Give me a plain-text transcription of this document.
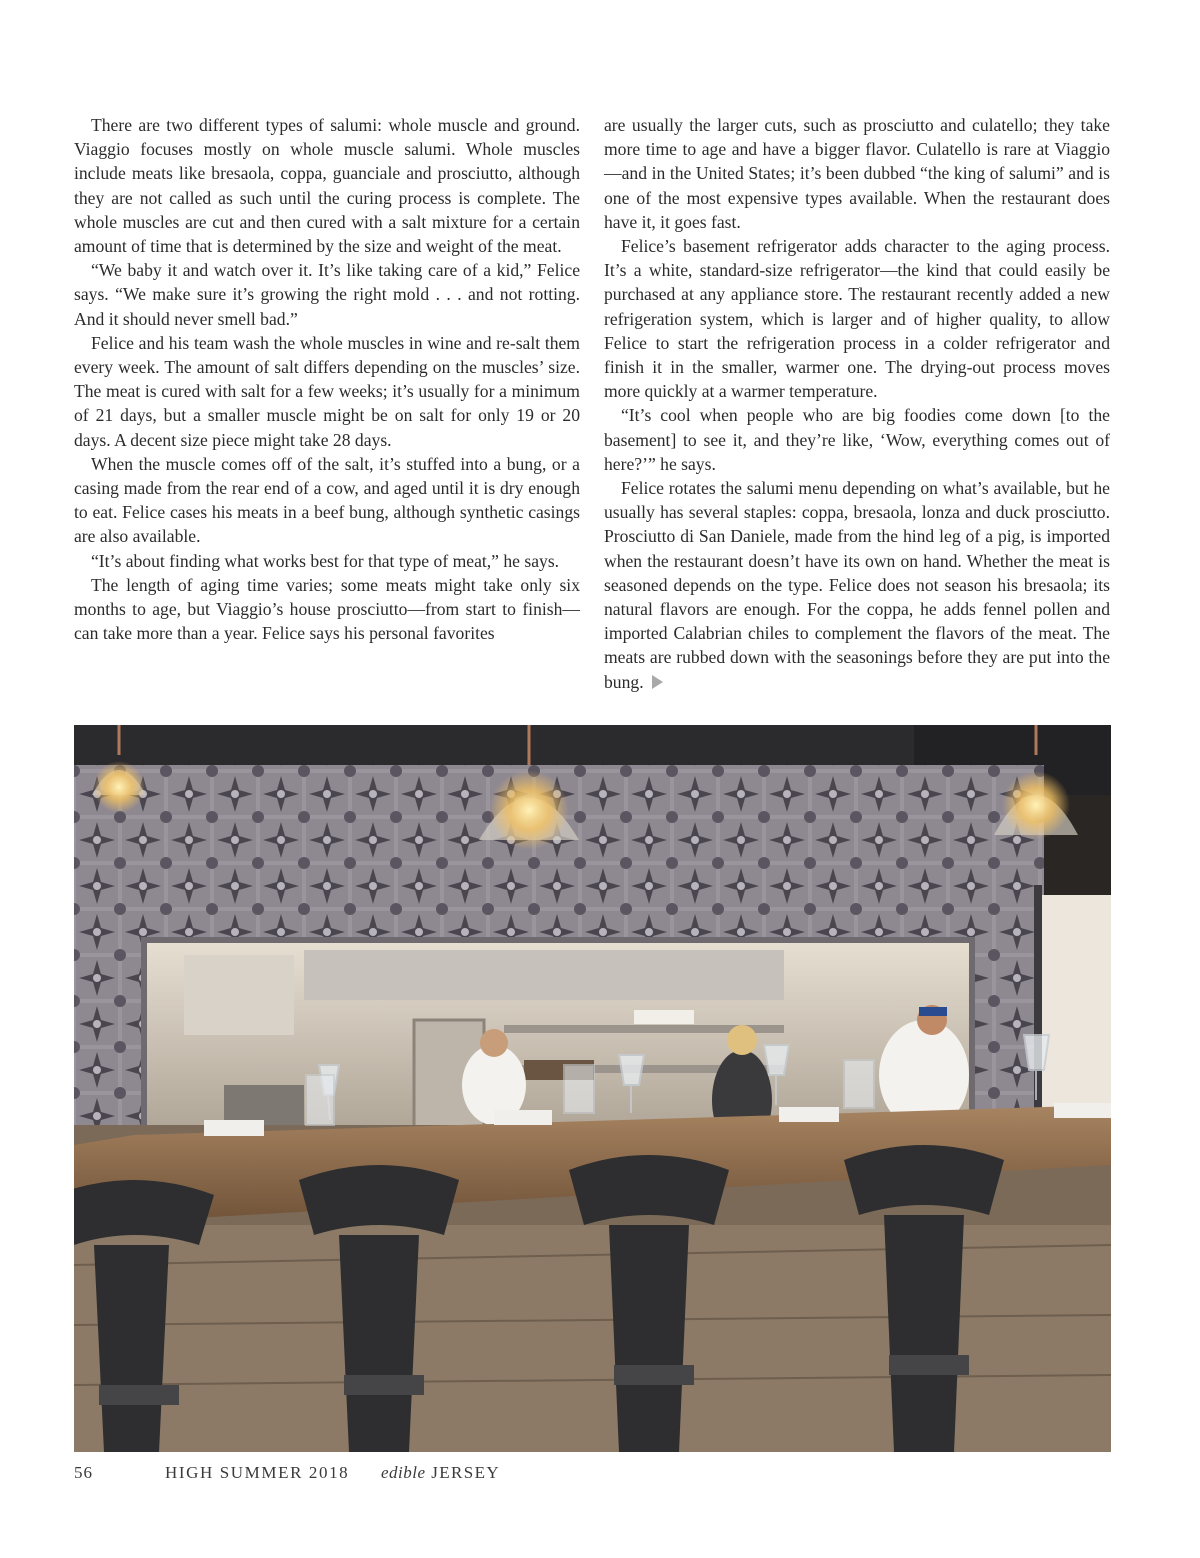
There are two different types of salumi: whole muscle and ground. Viaggio focuses mostly on whole muscle salumi. Whole muscles include meats like bresaola, coppa, guanciale and prosciutto, although they are not called as such until the curing process is complete. The whole muscles are cut and then cured with a salt mixture for a certain amount of time that is determined by the size and weight of the meat.

“We baby it and watch over it. It’s like taking care of a kid,” Felice says. “We make sure it’s growing the right mold . . . and not rotting. And it should never smell bad.”

Felice and his team wash the whole muscles in wine and re-salt them every week. The amount of salt differs depending on the muscles’ size. The meat is cured with salt for a few weeks; it’s usually for a minimum of 21 days, but a smaller muscle might be on salt for only 19 or 20 days. A decent size piece might take 28 days.

When the muscle comes off of the salt, it’s stuffed into a bung, or a casing made from the rear end of a cow, and aged until it is dry enough to eat. Felice cases his meats in a beef bung, although synthetic casings are also available.

“It’s about finding what works best for that type of meat,” he says.

The length of aging time varies; some meats might take only six months to age, but Viaggio’s house prosciutto—from start to finish—can take more than a year. Felice says his personal favorites

are usually the larger cuts, such as prosciutto and culatello; they take more time to age and have a bigger flavor. Culatello is rare at Viaggio—and in the United States; it’s been dubbed “the king of salumi” and is one of the most expensive types available. When the restaurant does have it, it goes fast.

Felice’s basement refrigerator adds character to the aging process. It’s a white, standard-size refrigerator—the kind that could easily be purchased at any appliance store. The restaurant recently added a new refrigeration system, which is larger and of higher quality, to allow Felice to start the refrigeration process in a colder refrigerator and finish it in the smaller, warmer one. The drying-out process moves more quickly at a warmer temperature.

“It’s cool when people who are big foodies come down [to the basement] to see it, and they’re like, ‘Wow, everything comes out of here?’” he says.

Felice rotates the salumi menu depending on what’s available, but he usually has several staples: coppa, bresaola, lonza and duck prosciutto. Prosciutto di San Daniele, made from the hind leg of a pig, is imported when the restaurant doesn’t have its own on hand. Whether the meat is seasoned depends on the type. Felice does not season his bresaola; its natural flavors are enough. For the coppa, he adds fennel pollen and imported Calabrian chiles to complement the flavors of the meat. The meats are rubbed down with the seasonings before they are put into the bung.

56	HIGH SUMMER 2018 edible JERSEY
